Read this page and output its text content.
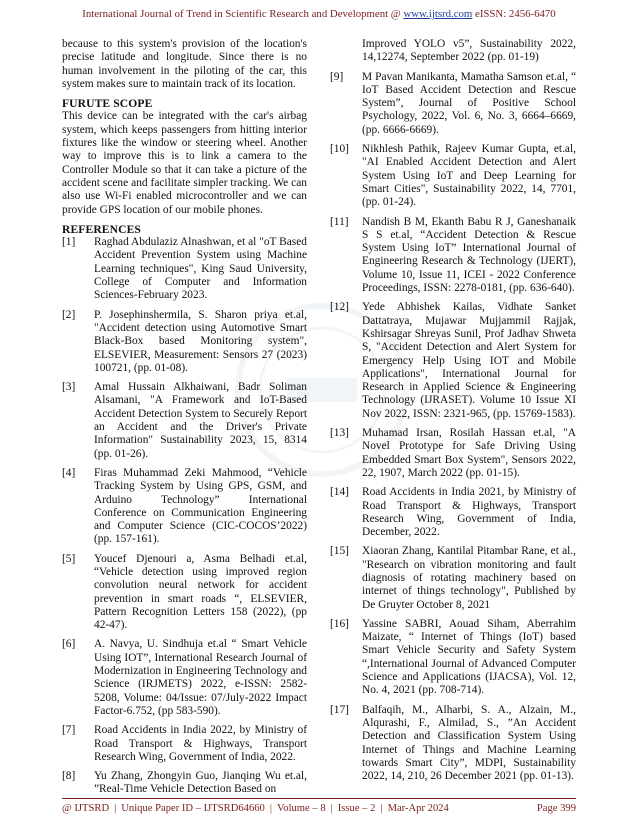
International Journal of Trend in Scientific Research and Development @ www.ijtsrd.com eISSN: 2456-6470

because to this system's provision of the location's precise latitude and longitude. Since there is no human involvement in the piloting of the car, this system makes sure to maintain track of its location.

FURUTE SCOPE

This device can be integrated with the car's airbag system, which keeps passengers from hitting interior fixtures like the window or steering wheel. Another way to improve this is to link a camera to the Controller Module so that it can take a picture of the accident scene and facilitate simpler tracking. We can also use Wi-Fi enabled microcontroller and we can provide GPS location of our mobile phones.

REFERENCES
[1]	Raghad Abdulaziz Alnashwan, et al "oT Based Accident Prevention System using Machine Learning techniques", King Saud University, College of Computer and Information Sciences-February 2023.
[2]	P. Josephinshermila, S. Sharon priya et.al, "Accident detection using Automotive Smart Black-Box based Monitoring system", ELSEVIER, Measurement: Sensors 27 (2023) 100721, (pp. 01-08).
[3]	Amal Hussain Alkhaiwani, Badr Soliman Alsamani, "A Framework and IoT-Based Accident Detection System to Securely Report an Accident and the Driver's Private Information" Sustainability 2023, 15, 8314 (pp. 01-26).
[4]	Firas Muhammad Zeki Mahmood, “Vehicle Tracking System by Using GPS, GSM, and Arduino Technology” International Conference on Communication Engineering and Computer Science (CIC-COCOS’2022) (pp. 157-161).
[5]	Youcef Djenouri a, Asma Belhadi et.al, “Vehicle detection using improved region convolution neural network for accident prevention in smart roads “, ELSEVIER, Pattern Recognition Letters 158 (2022), (pp 42-47).
[6]	A. Navya, U. Sindhuja et.al “ Smart Vehicle Using IOT”, International Research Journal of Modernization in Engineering Technology and Science (IRJMETS) 2022, e-ISSN: 2582-5208, Volume: 04/Issue: 07/July-2022 Impact Factor-6.752, (pp 583-590).
[7]	Road Accidents in India 2022, by Ministry of Road Transport & Highways, Transport Research Wing, Government of India, 2022.
[8]	Yu Zhang, Zhongyin Guo, Jianqing Wu et.al, ”Real-Time Vehicle Detection Based on
Improved YOLO v5”, Sustainability 2022, 14,12274, September 2022 (pp. 01-19)
[9]	M Pavan Manikanta, Mamatha Samson et.al, “ IoT Based Accident Detection and Rescue System”, Journal of Positive School Psychology, 2022, Vol. 6, No. 3, 6664–6669, (pp. 6666-6669).
[10]	Nikhlesh Pathik, Rajeev Kumar Gupta, et.al, "AI Enabled Accident Detection and Alert System Using IoT and Deep Learning for Smart Cities", Sustainability 2022, 14, 7701, (pp. 01-24).
[11]	Nandish B M, Ekanth Babu R J, Ganeshanaik S S et.al, “Accident Detection & Rescue System Using IoT” International Journal of Engineering Research & Technology (IJERT), Volume 10, Issue 11, ICEI - 2022 Conference Proceedings, ISSN: 2278-0181, (pp. 636-640).
[12]	Yede Abhishek Kailas, Vidhate Sanket Dattatraya, Mujawar Mujjammil Rajjak, Kshirsagar Shreyas Sunil, Prof Jadhav Shweta S, "Accident Detection and Alert System for Emergency Help Using IOT and Mobile Applications", International Journal for Research in Applied Science & Engineering Technology (IJRASET). Volume 10 Issue XI Nov 2022, ISSN: 2321-965, (pp. 15769-1583).
[13]	Muhamad Irsan, Rosilah Hassan et.al, "A Novel Prototype for Safe Driving Using Embedded Smart Box System", Sensors 2022, 22, 1907, March 2022 (pp. 01-15).
[14]	Road Accidents in India 2021, by Ministry of Road Transport & Highways, Transport Research Wing, Government of India, December, 2022.
[15]	Xiaoran Zhang, Kantilal Pitambar Rane, et al., "Research on vibration monitoring and fault diagnosis of rotating machinery based on internet of things technology", Published by De Gruyter October 8, 2021
[16]	Yassine SABRI, Aouad Siham, Aberrahim Maizate, “ Internet of Things (IoT) based Smart Vehicle Security and Safety System “,International Journal of Advanced Computer Science and Applications (IJACSA), Vol. 12, No. 4, 2021 (pp. 708-714).
[17]	Balfaqih, M., Alharbi, S. A., Alzain, M., Alqurashi, F., Almilad, S., ”An Accident Detection and Classification System Using Internet of Things and Machine Learning towards Smart City”, MDPI, Sustainability 2022, 14, 210, 26 December 2021 (pp. 01-13).
@ IJTSRD | Unique Paper ID – IJTSRD64660 | Volume – 8 | Issue – 2 | Mar-Apr 2024	Page 399
